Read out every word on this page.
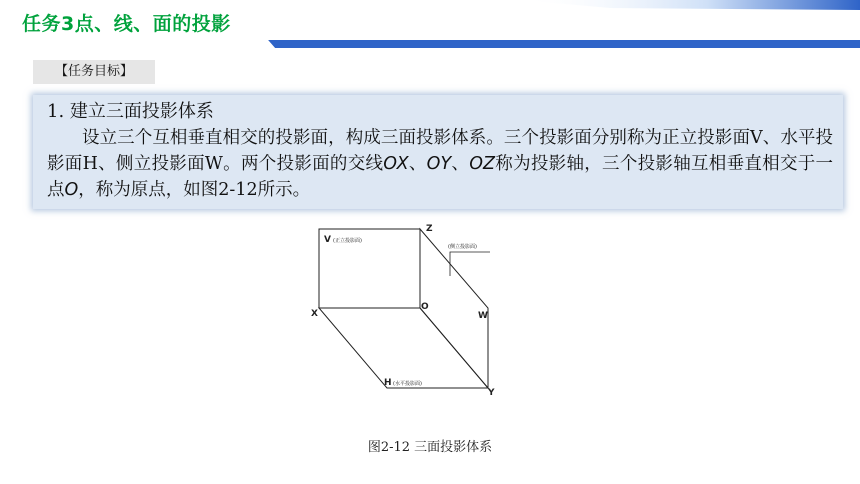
任务3点、线、面的投影
【任务目标】
1. 建立三面投影体系
设立三个互相垂直相交的投影面，构成三面投影体系。三个投影面分别称为正立投影面V、水平投影面H、侧立投影面W。两个投影面的交线OX、OY、OZ称为投影轴，三个投影轴互相垂直相交于一点O，称为原点，如图2-12所示。
V (正立投影面)
Z
(侧立投影面)
X
O
W
H (水平投影面)
Y
图2-12 三面投影体系
